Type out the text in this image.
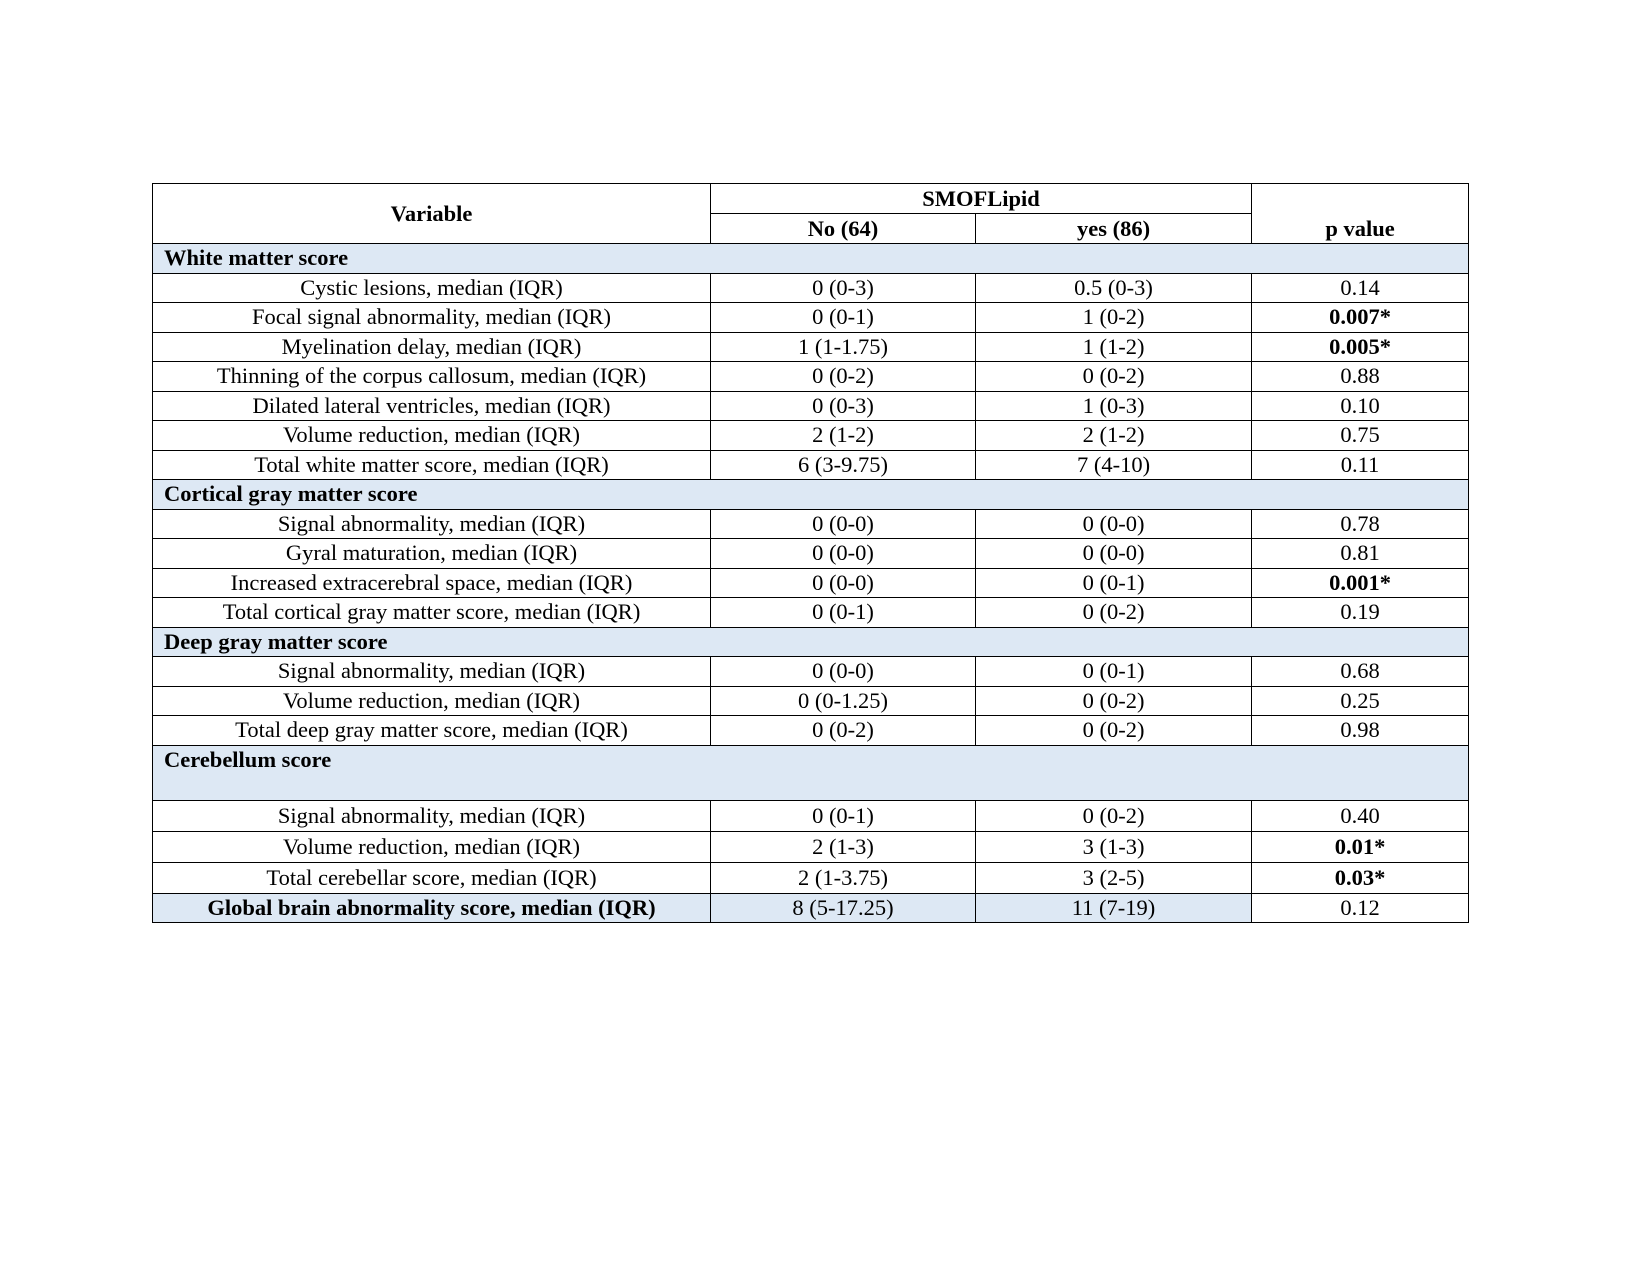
Variable	SMOFLipid		p value
	No (64)	yes (86)	
White matter score			
Cystic lesions, median (IQR)	0 (0-3)	0.5 (0-3)	0.14
Focal signal abnormality, median (IQR)	0 (0-1)	1 (0-2)	0.007*
Myelination delay, median (IQR)	1 (1-1.75)	1 (1-2)	0.005*
Thinning of the corpus callosum, median (IQR)	0 (0-2)	0 (0-2)	0.88
Dilated lateral ventricles, median (IQR)	0 (0-3)	1 (0-3)	0.10
Volume reduction, median (IQR)	2 (1-2)	2 (1-2)	0.75
Total white matter score, median (IQR)	6 (3-9.75)	7 (4-10)	0.11
Cortical gray matter score			
Signal abnormality, median (IQR)	0 (0-0)	0 (0-0)	0.78
Gyral maturation, median (IQR)	0 (0-0)	0 (0-0)	0.81
Increased extracerebral space, median (IQR)	0 (0-0)	0 (0-1)	0.001*
Total cortical gray matter score, median (IQR)	0 (0-1)	0 (0-2)	0.19
Deep gray matter score			
Signal abnormality, median (IQR)	0 (0-0)	0 (0-1)	0.68
Volume reduction, median (IQR)	0 (0-1.25)	0 (0-2)	0.25
Total deep gray matter score, median (IQR)	0 (0-2)	0 (0-2)	0.98
Cerebellum score			
Signal abnormality, median (IQR)	0 (0-1)	0 (0-2)	0.40
Volume reduction, median (IQR)	2 (1-3)	3 (1-3)	0.01*
Total cerebellar score, median (IQR)	2 (1-3.75)	3 (2-5)	0.03*
Global brain abnormality score, median (IQR)	8 (5-17.25)	11 (7-19)	0.12
